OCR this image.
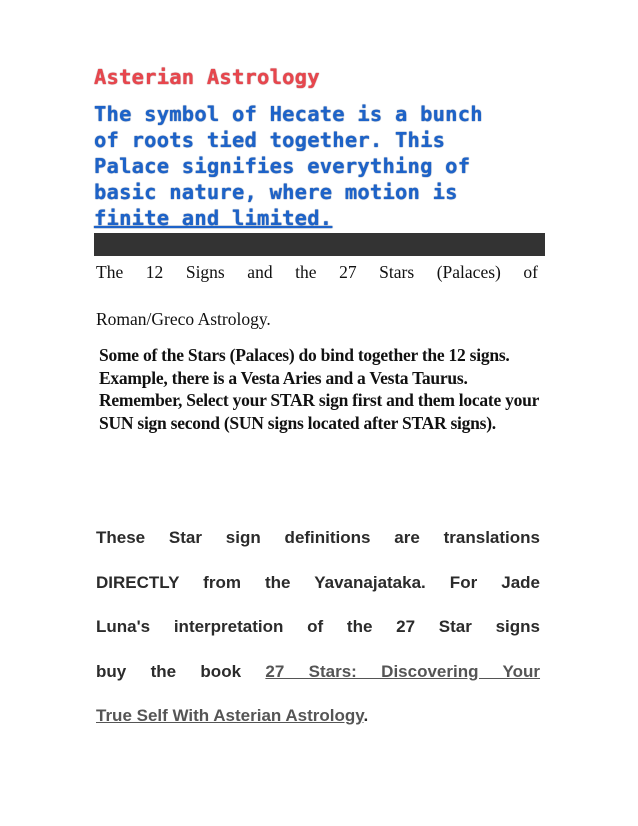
Asterian Astrology
The symbol of Hecate is a bunch
of roots tied together. This
Palace signifies everything of
basic nature, where motion is
finite and limited.

The 12 Signs and the 27 Stars (Palaces) of

Roman/Greco Astrology.

Some of the Stars (Palaces) do bind together the 12 signs. Example, there is a Vesta Aries and a Vesta Taurus. Remember, Select your STAR sign first and them locate your SUN sign second (SUN signs located after STAR signs).

These Star sign definitions are translations
DIRECTLY from the Yavanajataka. For Jade
Luna's interpretation of the 27 Star signs
buy the book 27 Stars: Discovering Your
True Self With Asterian Astrology.
